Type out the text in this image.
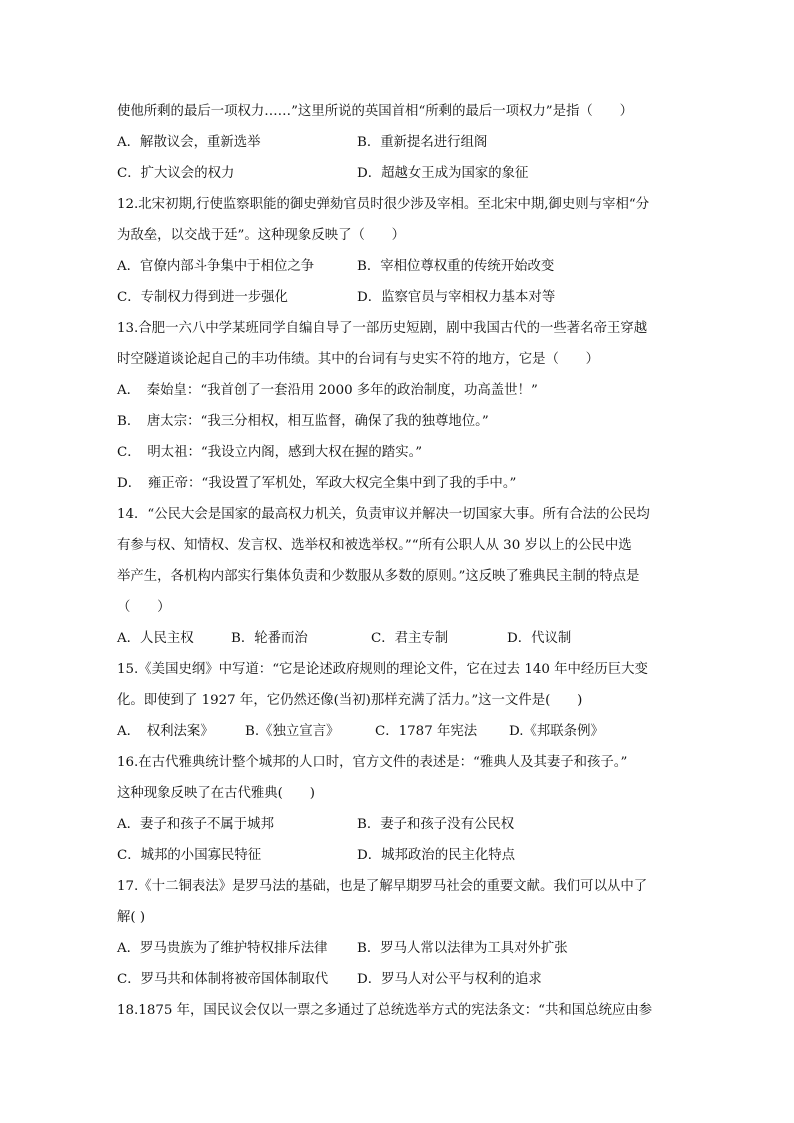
使他所剩的最后一项权力……”这里所说的英国首相“所剩的最后一项权力”是指（　　）
A．解散议会，重新选举	B．重新提名进行组阁
C．扩大议会的权力	D．超越女王成为国家的象征
12.北宋初期,行使监察职能的御史弹劾官员时很少涉及宰相。至北宋中期,御史则与宰相“分
为敌垒，以交战于廷”。这种现象反映了（　　）
A．官僚内部斗争集中于相位之争	B．宰相位尊权重的传统开始改变
C．专制权力得到进一步强化	D．监察官员与宰相权力基本对等
13.合肥一六八中学某班同学自编自导了一部历史短剧，剧中我国古代的一些著名帝王穿越
时空隧道谈论起自己的丰功伟绩。其中的台词有与史实不符的地方，它是（　　）
A．　秦始皇：“我首创了一套沿用 2000 多年的政治制度，功高盖世！”
B．　唐太宗：“我三分相权，相互监督，确保了我的独尊地位。”
C．　明太祖：“我设立内阁，感到大权在握的踏实。”
D．　雍正帝：“我设置了军机处，军政大权完全集中到了我的手中。”
14．“公民大会是国家的最高权力机关，负责审议并解决一切国家大事。所有合法的公民均
有参与权、知情权、发言权、选举权和被选举权。”“所有公职人从 30 岁以上的公民中选
举产生，各机构内部实行集体负责和少数服从多数的原则。”这反映了雅典民主制的特点是
（　　）
A．人民主权	B．轮番而治	C．君主专制	D．代议制
15.《美国史纲》中写道：“它是论述政府规则的理论文件，它在过去 140 年中经历巨大变
化。即使到了 1927 年，它仍然还像(当初)那样充满了活力。”这一文件是(　　)
A．　权利法案》	B.《独立宣言》	C．1787 年宪法	D.《邦联条例》
16.在古代雅典统计整个城邦的人口时，官方文件的表述是：“雅典人及其妻子和孩子。”
这种现象反映了在古代雅典(　　)
A．妻子和孩子不属于城邦	B．妻子和孩子没有公民权
C．城邦的小国寡民特征	D．城邦政治的民主化特点
17.《十二铜表法》是罗马法的基础，也是了解早期罗马社会的重要文献。我们可以从中了
解( )
A．罗马贵族为了维护特权排斥法律	B．罗马人常以法律为工具对外扩张
C．罗马共和体制将被帝国体制取代	D．罗马人对公平与权利的追求
18.1875 年，国民议会仅以一票之多通过了总统选举方式的宪法条文：“共和国总统应由参
